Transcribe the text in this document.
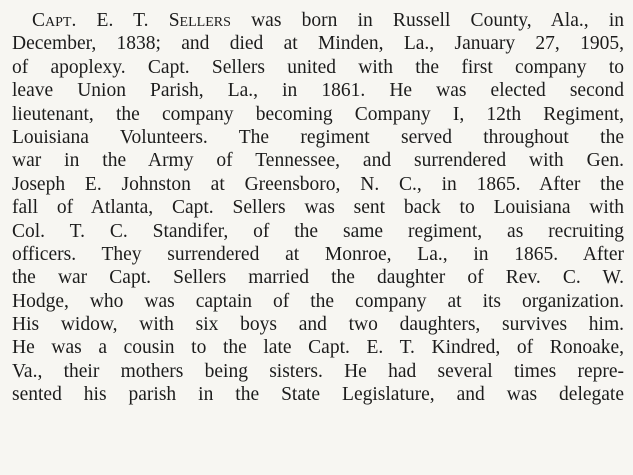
Capt. E. T. Sellers was born in Russell County, Ala., in
December, 1838; and died at Minden, La., January 27, 1905,
of apoplexy. Capt. Sellers united with the first company to
leave Union Parish, La., in 1861. He was elected second
lieutenant, the company becoming Company I, 12th Regiment,
Louisiana Volunteers. The regiment served throughout the
war in the Army of Tennessee, and surrendered with Gen.
Joseph E. Johnston at Greensboro, N. C., in 1865. After the
fall of Atlanta, Capt. Sellers was sent back to Louisiana with
Col. T. C. Standifer, of the same regiment, as recruiting
officers. They surrendered at Monroe, La., in 1865. After
the war Capt. Sellers married the daughter of Rev. C. W.
Hodge, who was captain of the company at its organization.
His widow, with six boys and two daughters, survives him.
He was a cousin to the late Capt. E. T. Kindred, of Ronoake,
Va., their mothers being sisters. He had several times repre-
sented his parish in the State Legislature, and was delegate
